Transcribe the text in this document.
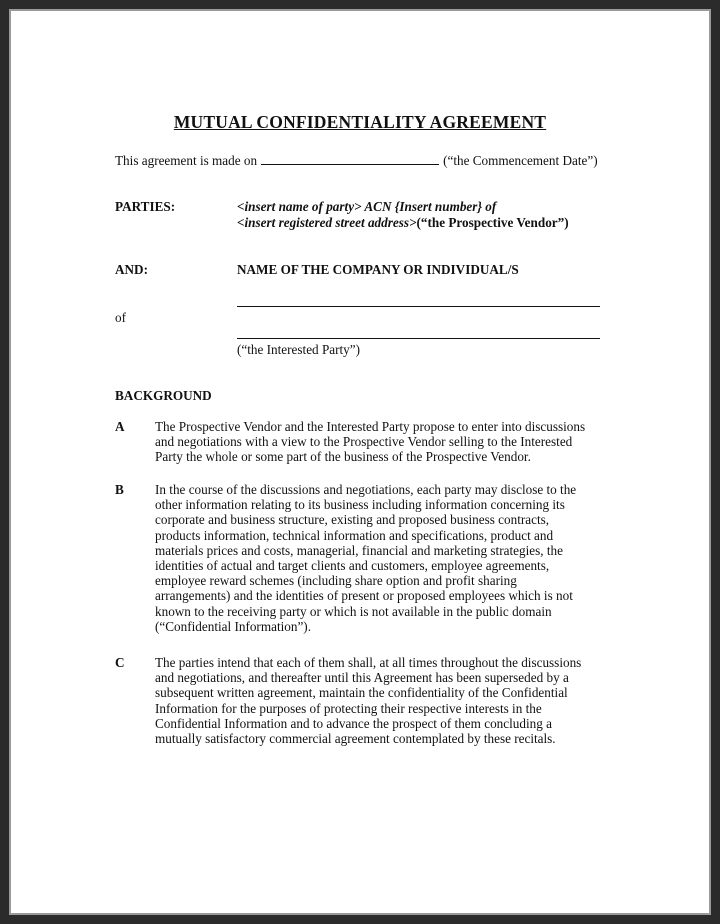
MUTUAL CONFIDENTIALITY AGREEMENT
This agreement is made on	(“the Commencement Date”)
PARTIES:	<insert name of party> ACN {Insert number} of
<insert registered street address>(“the Prospective Vendor”)
AND:	NAME OF THE COMPANY OR INDIVIDUAL/S
of
(“the Interested Party”)
BACKGROUND
A The Prospective Vendor and the Interested Party propose to enter into discussions
and negotiations with a view to the Prospective Vendor selling to the Interested
Party the whole or some part of the business of the Prospective Vendor.
B In the course of the discussions and negotiations, each party may disclose to the
other information relating to its business including information concerning its
corporate and business structure, existing and proposed business contracts,
products information, technical information and specifications, product and
materials prices and costs, managerial, financial and marketing strategies, the
identities of actual and target clients and customers, employee agreements,
employee reward schemes (including share option and profit sharing
arrangements) and the identities of present or proposed employees which is not
known to the receiving party or which is not available in the public domain
(“Confidential Information”).
C The parties intend that each of them shall, at all times throughout the discussions
and negotiations, and thereafter until this Agreement has been superseded by a
subsequent written agreement, maintain the confidentiality of the Confidential
Information for the purposes of protecting their respective interests in the
Confidential Information and to advance the prospect of them concluding a
mutually satisfactory commercial agreement contemplated by these recitals.
